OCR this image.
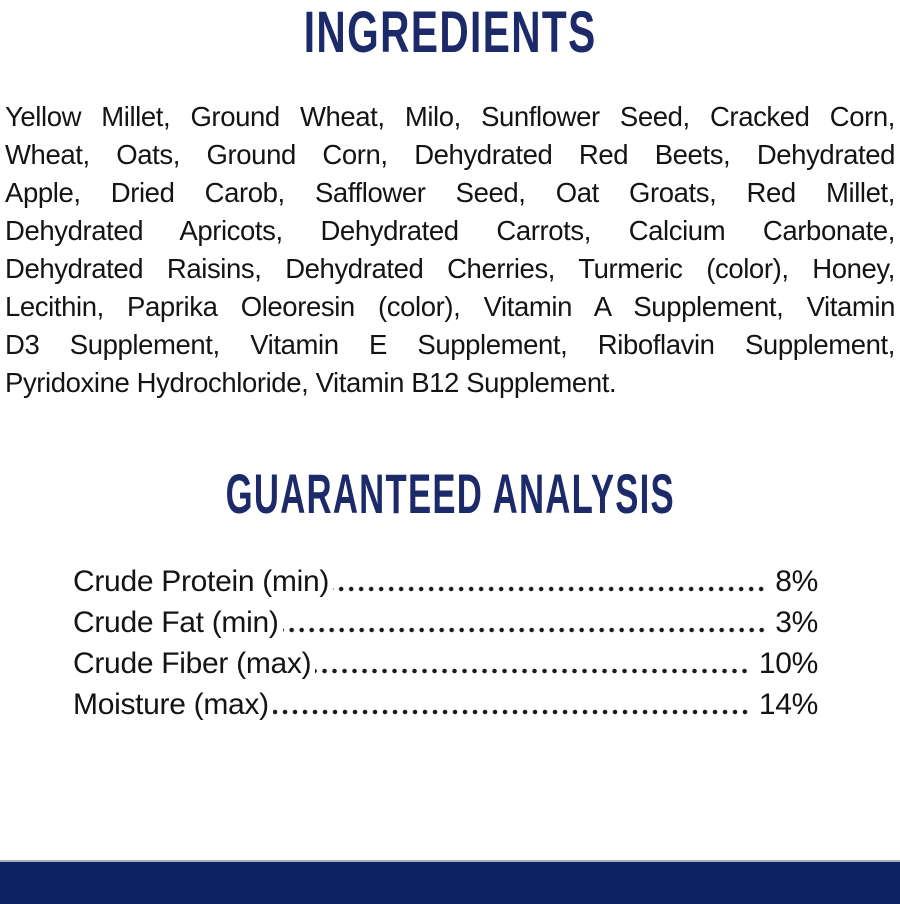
INGREDIENTS
Yellow Millet, Ground Wheat, Milo, Sunflower Seed, Cracked Corn,
Wheat, Oats, Ground Corn, Dehydrated Red Beets, Dehydrated
Apple, Dried Carob, Safflower Seed, Oat Groats, Red Millet,
Dehydrated Apricots, Dehydrated Carrots, Calcium Carbonate,
Dehydrated Raisins, Dehydrated Cherries, Turmeric (color), Honey,
Lecithin, Paprika Oleoresin (color), Vitamin A Supplement, Vitamin
D3 Supplement, Vitamin E Supplement, Riboflavin Supplement,
Pyridoxine Hydrochloride, Vitamin B12 Supplement.
GUARANTEED ANALYSIS
Crude Protein (min)	8%
Crude Fat (min)	3%
Crude Fiber (max)	10%
Moisture (max)	14%
